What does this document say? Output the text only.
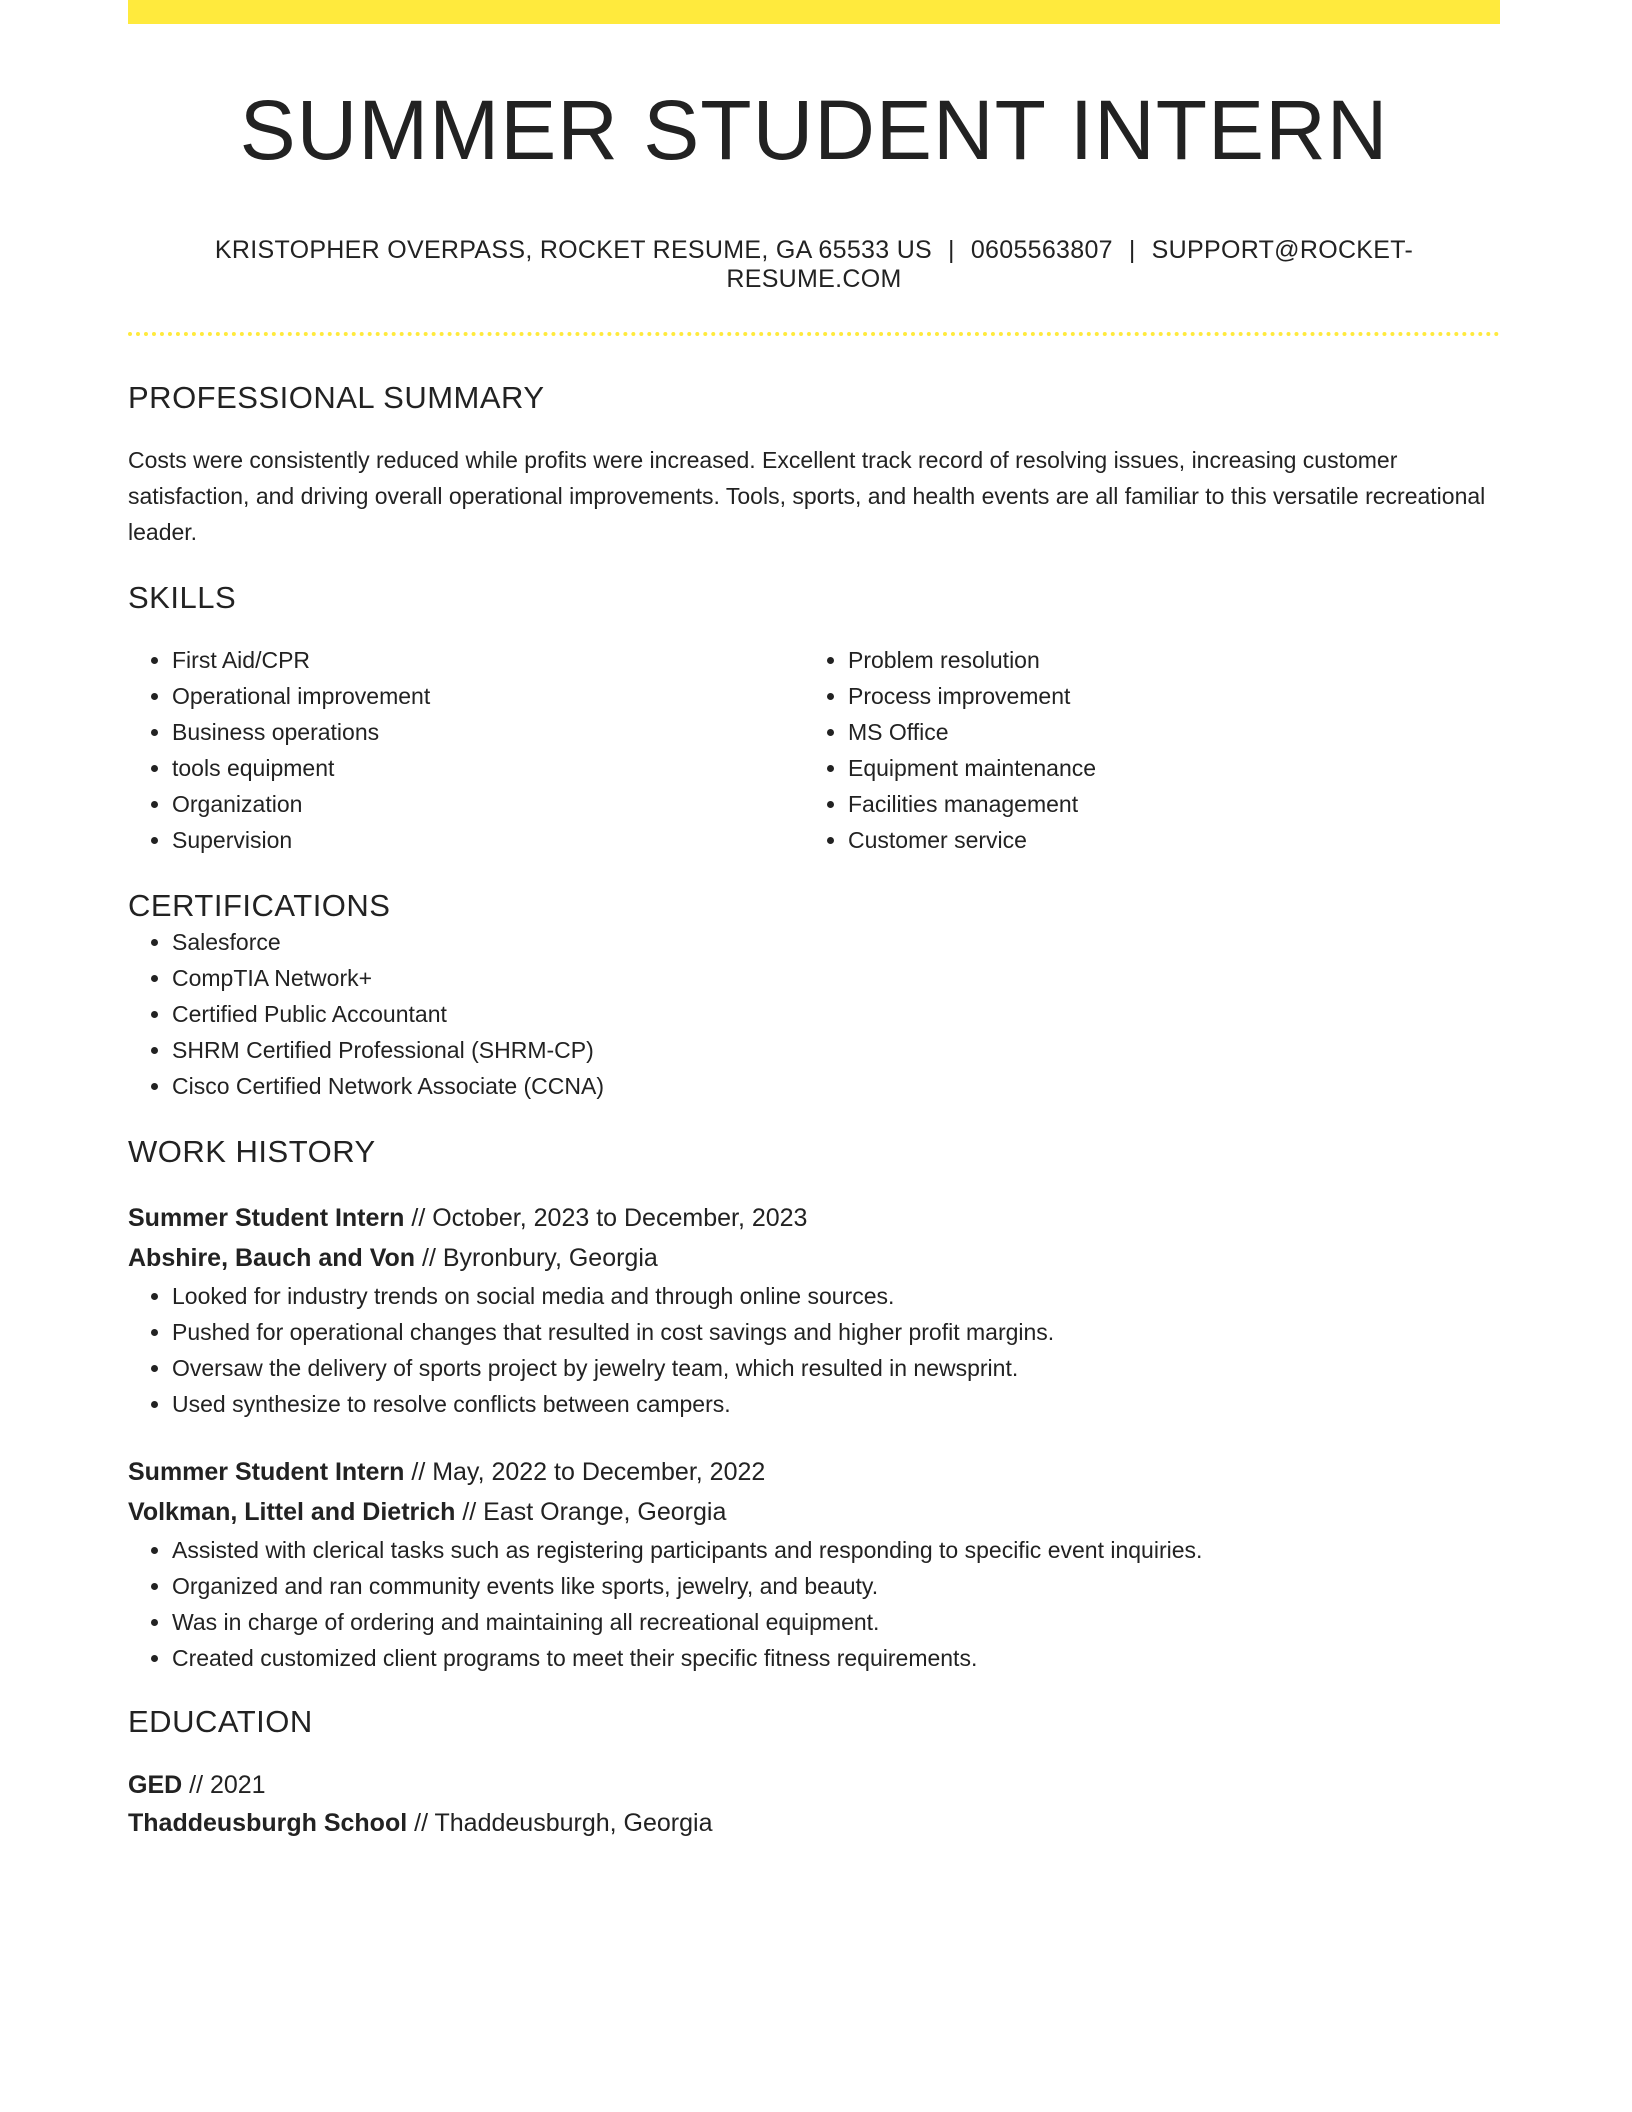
SUMMER STUDENT INTERN
KRISTOPHER OVERPASS, ROCKET RESUME, GA 65533 US | 0605563807 | SUPPORT@ROCKET-RESUME.COM
PROFESSIONAL SUMMARY
Costs were consistently reduced while profits were increased. Excellent track record of resolving issues, increasing customer satisfaction, and driving overall operational improvements. Tools, sports, and health events are all familiar to this versatile recreational leader.
SKILLS
• First Aid/CPR
• Operational improvement
• Business operations
• tools equipment
• Organization
• Supervision
• Problem resolution
• Process improvement
• MS Office
• Equipment maintenance
• Facilities management
• Customer service
CERTIFICATIONS
• Salesforce
• CompTIA Network+
• Certified Public Accountant
• SHRM Certified Professional (SHRM-CP)
• Cisco Certified Network Associate (CCNA)
WORK HISTORY
Summer Student Intern // October, 2023 to December, 2023
Abshire, Bauch and Von // Byronbury, Georgia
• Looked for industry trends on social media and through online sources.
• Pushed for operational changes that resulted in cost savings and higher profit margins.
• Oversaw the delivery of sports project by jewelry team, which resulted in newsprint.
• Used synthesize to resolve conflicts between campers.
Summer Student Intern // May, 2022 to December, 2022
Volkman, Littel and Dietrich // East Orange, Georgia
• Assisted with clerical tasks such as registering participants and responding to specific event inquiries.
• Organized and ran community events like sports, jewelry, and beauty.
• Was in charge of ordering and maintaining all recreational equipment.
• Created customized client programs to meet their specific fitness requirements.
EDUCATION
GED // 2021
Thaddeusburgh School // Thaddeusburgh, Georgia
